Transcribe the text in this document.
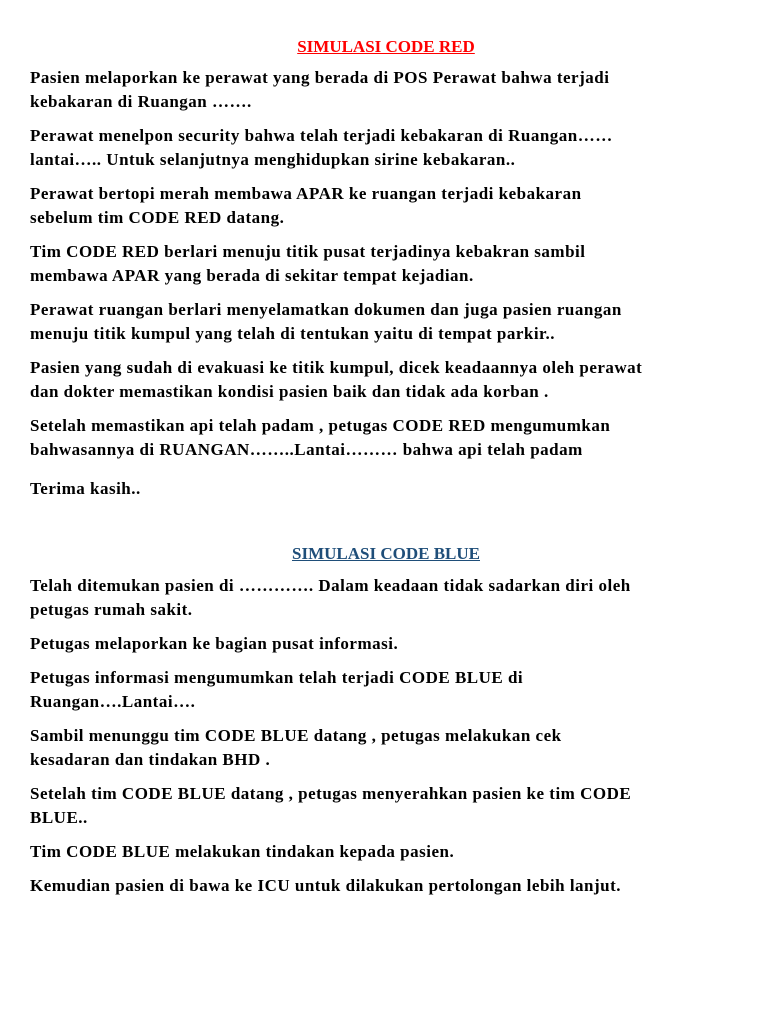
SIMULASI CODE RED

Pasien melaporkan ke perawat yang berada di POS Perawat bahwa terjadi
kebakaran di Ruangan …….

Perawat menelpon security bahwa telah terjadi kebakaran di Ruangan……
lantai….. Untuk selanjutnya menghidupkan sirine kebakaran..

Perawat bertopi merah membawa APAR ke ruangan terjadi kebakaran
sebelum tim CODE RED datang.

Tim CODE RED berlari menuju titik pusat terjadinya kebakran sambil
membawa APAR yang berada di sekitar tempat kejadian.

Perawat ruangan berlari menyelamatkan dokumen dan juga pasien ruangan
menuju titik kumpul yang telah di tentukan yaitu di tempat parkir..

Pasien yang sudah di evakuasi ke titik kumpul, dicek keadaannya oleh perawat
dan dokter memastikan kondisi pasien baik dan tidak ada korban .

Setelah memastikan api telah padam , petugas CODE RED mengumumkan
bahwasannya di RUANGAN……..Lantai……… bahwa api telah padam

Terima kasih..

SIMULASI CODE BLUE

Telah ditemukan pasien di …………. Dalam keadaan tidak sadarkan diri oleh
petugas rumah sakit.

Petugas melaporkan ke bagian pusat informasi.

Petugas informasi mengumumkan telah terjadi CODE BLUE di
Ruangan….Lantai….

Sambil menunggu tim CODE BLUE datang , petugas melakukan cek
kesadaran dan tindakan BHD .

Setelah tim CODE BLUE datang , petugas menyerahkan pasien ke tim CODE
BLUE..

Tim CODE BLUE melakukan tindakan kepada pasien.

Kemudian pasien di bawa ke ICU untuk dilakukan pertolongan lebih lanjut.
